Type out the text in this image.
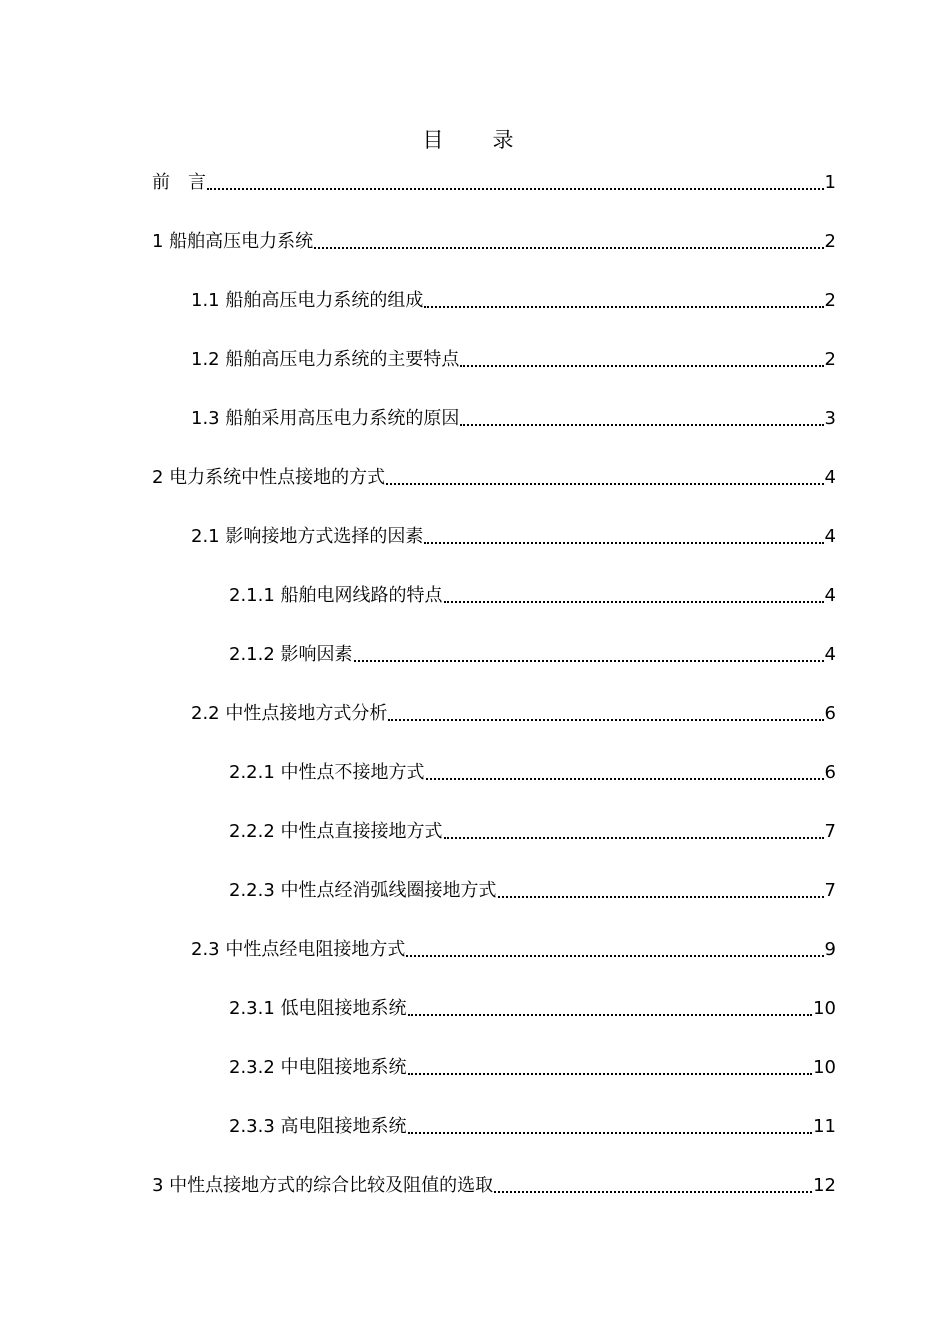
目　录
前　言	1
1 船舶高压电力系统	2
1.1 船舶高压电力系统的组成	2
1.2 船舶高压电力系统的主要特点	2
1.3 船舶采用高压电力系统的原因	3
2 电力系统中性点接地的方式	4
2.1 影响接地方式选择的因素	4
2.1.1 船舶电网线路的特点	4
2.1.2 影响因素	4
2.2 中性点接地方式分析	6
2.2.1 中性点不接地方式	6
2.2.2 中性点直接接地方式	7
2.2.3 中性点经消弧线圈接地方式	7
2.3 中性点经电阻接地方式	9
2.3.1 低电阻接地系统	10
2.3.2 中电阻接地系统	10
2.3.3 高电阻接地系统	11
3 中性点接地方式的综合比较及阻值的选取	12
